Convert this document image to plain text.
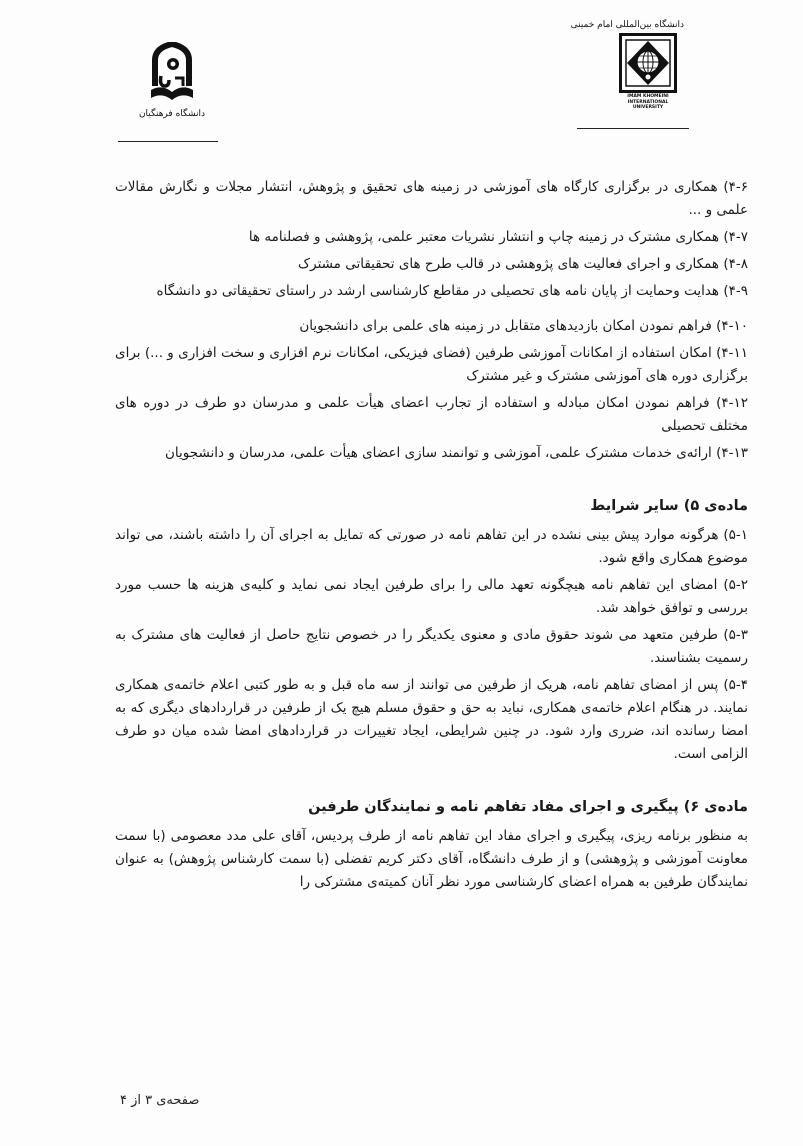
دانشگاه بین‌المللی امام خمینی
IMAM KHOMEINI
INTERNATIONAL UNIVERSITY
دانشگاه فرهنگیان

۴-۶) همکاری در برگزاری کارگاه های آموزشی در زمینه های تحقیق و پژوهش، انتشار مجلات و نگارش مقالات علمی و ...

۴-۷) همکاری مشترک در زمینه چاپ و انتشار نشریات معتبر علمی، پژوهشی و فصلنامه ها

۴-۸) همکاری و اجرای فعالیت های پژوهشی در قالب طرح های تحقیقاتی مشترک

۴-۹) هدایت وحمایت از پایان نامه های تحصیلی در مقاطع کارشناسی ارشد در راستای تحقیقاتی دو دانشگاه

۴-۱۰) فراهم نمودن امکان بازدیدهای متقابل در زمینه های علمی برای دانشجویان

۴-۱۱) امکان استفاده از امکانات آموزشی طرفین (فضای فیزیکی، امکانات نرم افزاری و سخت افزاری و ...) برای برگزاری دوره های آموزشی مشترک و غیر مشترک

۴-۱۲) فراهم نمودن امکان مبادله و استفاده از تجارب اعضای هیأت علمی و مدرسان دو طرف در دوره های مختلف تحصیلی

۴-۱۳) ارائه‌ی خدمات مشترک علمی، آموزشی و توانمند سازی اعضای هیأت علمی، مدرسان و دانشجویان

ماده‌ی ۵) سایر شرایط

۵-۱) هرگونه موارد پیش بینی نشده در این تفاهم نامه در صورتی که تمایل به اجرای آن را داشته باشند، می تواند موضوع همکاری واقع شود.

۵-۲) امضای این تفاهم نامه هیچگونه تعهد مالی را برای طرفین ایجاد نمی نماید و کلیه‌ی هزینه ها حسب مورد بررسی و توافق خواهد شد.

۵-۳) طرفین متعهد می شوند حقوق مادی و معنوی یکدیگر را در خصوص نتایج حاصل از فعالیت های مشترک به رسمیت بشناسند.

۵-۴) پس از امضای تفاهم نامه، هریک از طرفین می توانند از سه ماه قبل و به طور کتبی اعلام خاتمه‌ی همکاری نمایند. در هنگام اعلام خاتمه‌ی همکاری، نباید به حق و حقوق مسلم هیچ یک از طرفین در قراردادهای دیگری که به امضا رسانده اند، ضرری وارد شود. در چنین شرایطی، ایجاد تغییرات در قراردادهای امضا شده میان دو طرف الزامی است.

ماده‌ی ۶) پیگیری و اجرای مفاد تفاهم نامه و نمایندگان طرفین

به منظور برنامه ریزی، پیگیری و اجرای مفاد این تفاهم نامه از طرف پردیس، آقای علی مدد معصومی (با سمت معاونت آموزشی و پژوهشی) و از طرف دانشگاه، آقای دکتر کریم تفضلی (با سمت کارشناس پژوهش) به عنوان نمایندگان طرفین به همراه اعضای کارشناسی مورد نظر آنان کمیته‌ی مشترکی را

صفحه‌ی ۳ از ۴
